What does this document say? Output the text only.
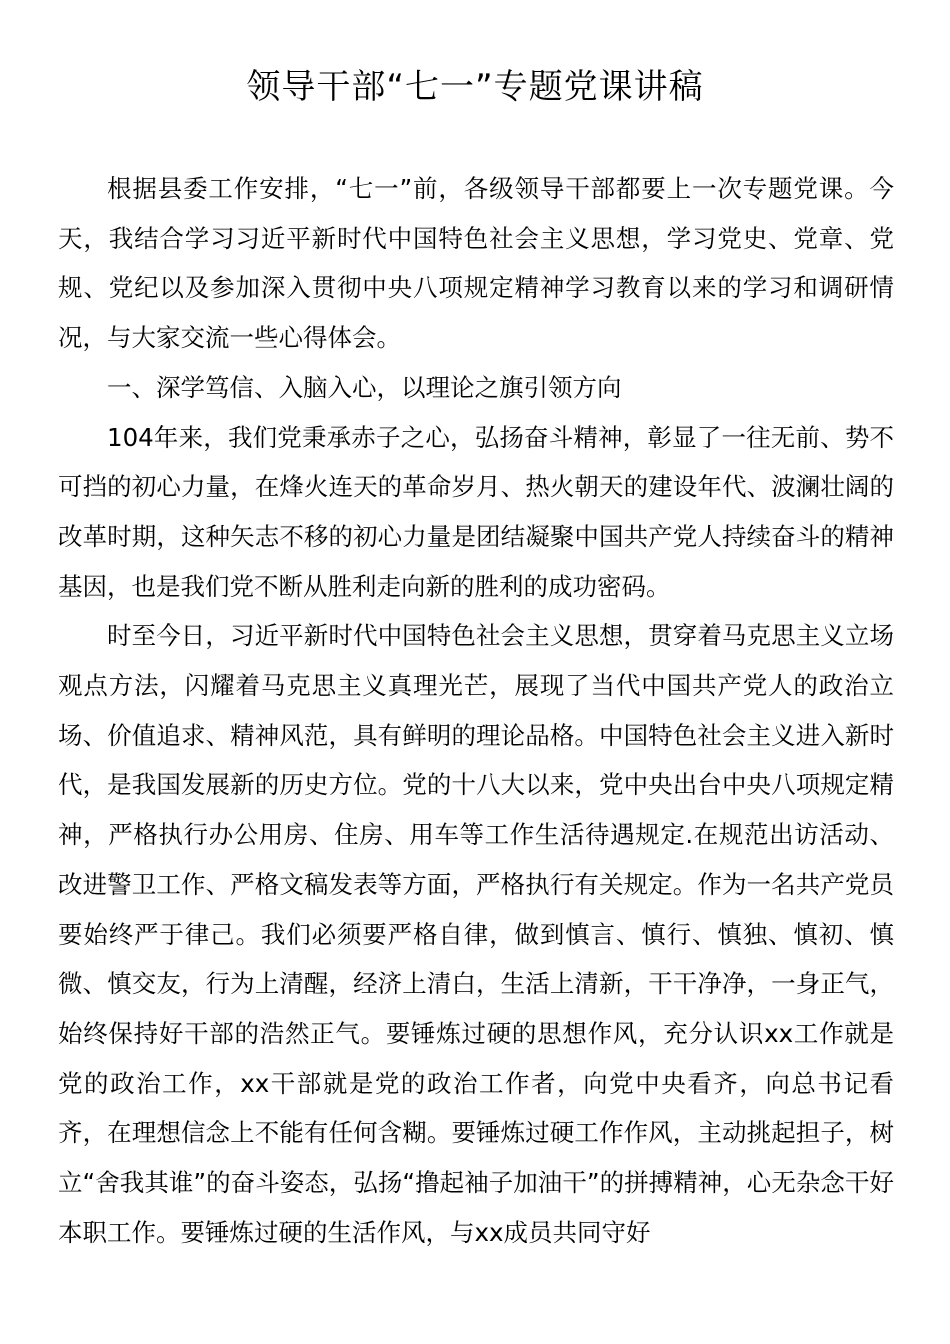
领导干部“七一”专题党课讲稿

根据县委工作安排，“七一”前，各级领导干部都要上一次专题党课。今天，我结合学习习近平新时代中国特色社会主义思想，学习党史、党章、党规、党纪以及参加深入贯彻中央八项规定精神学习教育以来的学习和调研情况，与大家交流一些心得体会。

一、深学笃信、入脑入心，以理论之旗引领方向

104年来，我们党秉承赤子之心，弘扬奋斗精神，彰显了一往无前、势不可挡的初心力量，在烽火连天的革命岁月、热火朝天的建设年代、波澜壮阔的改革时期，这种矢志不移的初心力量是团结凝聚中国共产党人持续奋斗的精神基因，也是我们党不断从胜利走向新的胜利的成功密码。

时至今日，习近平新时代中国特色社会主义思想，贯穿着马克思主义立场观点方法，闪耀着马克思主义真理光芒，展现了当代中国共产党人的政治立场、价值追求、精神风范，具有鲜明的理论品格。中国特色社会主义进入新时代，是我国发展新的历史方位。党的十八大以来，党中央出台中央八项规定精神，严格执行办公用房、住房、用车等工作生活待遇规定.在规范出访活动、改进警卫工作、严格文稿发表等方面，严格执行有关规定。作为一名共产党员要始终严于律己。我们必须要严格自律，做到慎言、慎行、慎独、慎初、慎微、慎交友，行为上清醒，经济上清白，生活上清新，干干净净，一身正气，始终保持好干部的浩然正气。要锤炼过硬的思想作风，充分认识xx工作就是党的政治工作，xx干部就是党的政治工作者，向党中央看齐，向总书记看齐，在理想信念上不能有任何含糊。要锤炼过硬工作作风，主动挑起担子，树立“舍我其谁”的奋斗姿态，弘扬“撸起袖子加油干”的拼搏精神，心无杂念干好本职工作。要锤炼过硬的生活作风，与xx成员共同守好
